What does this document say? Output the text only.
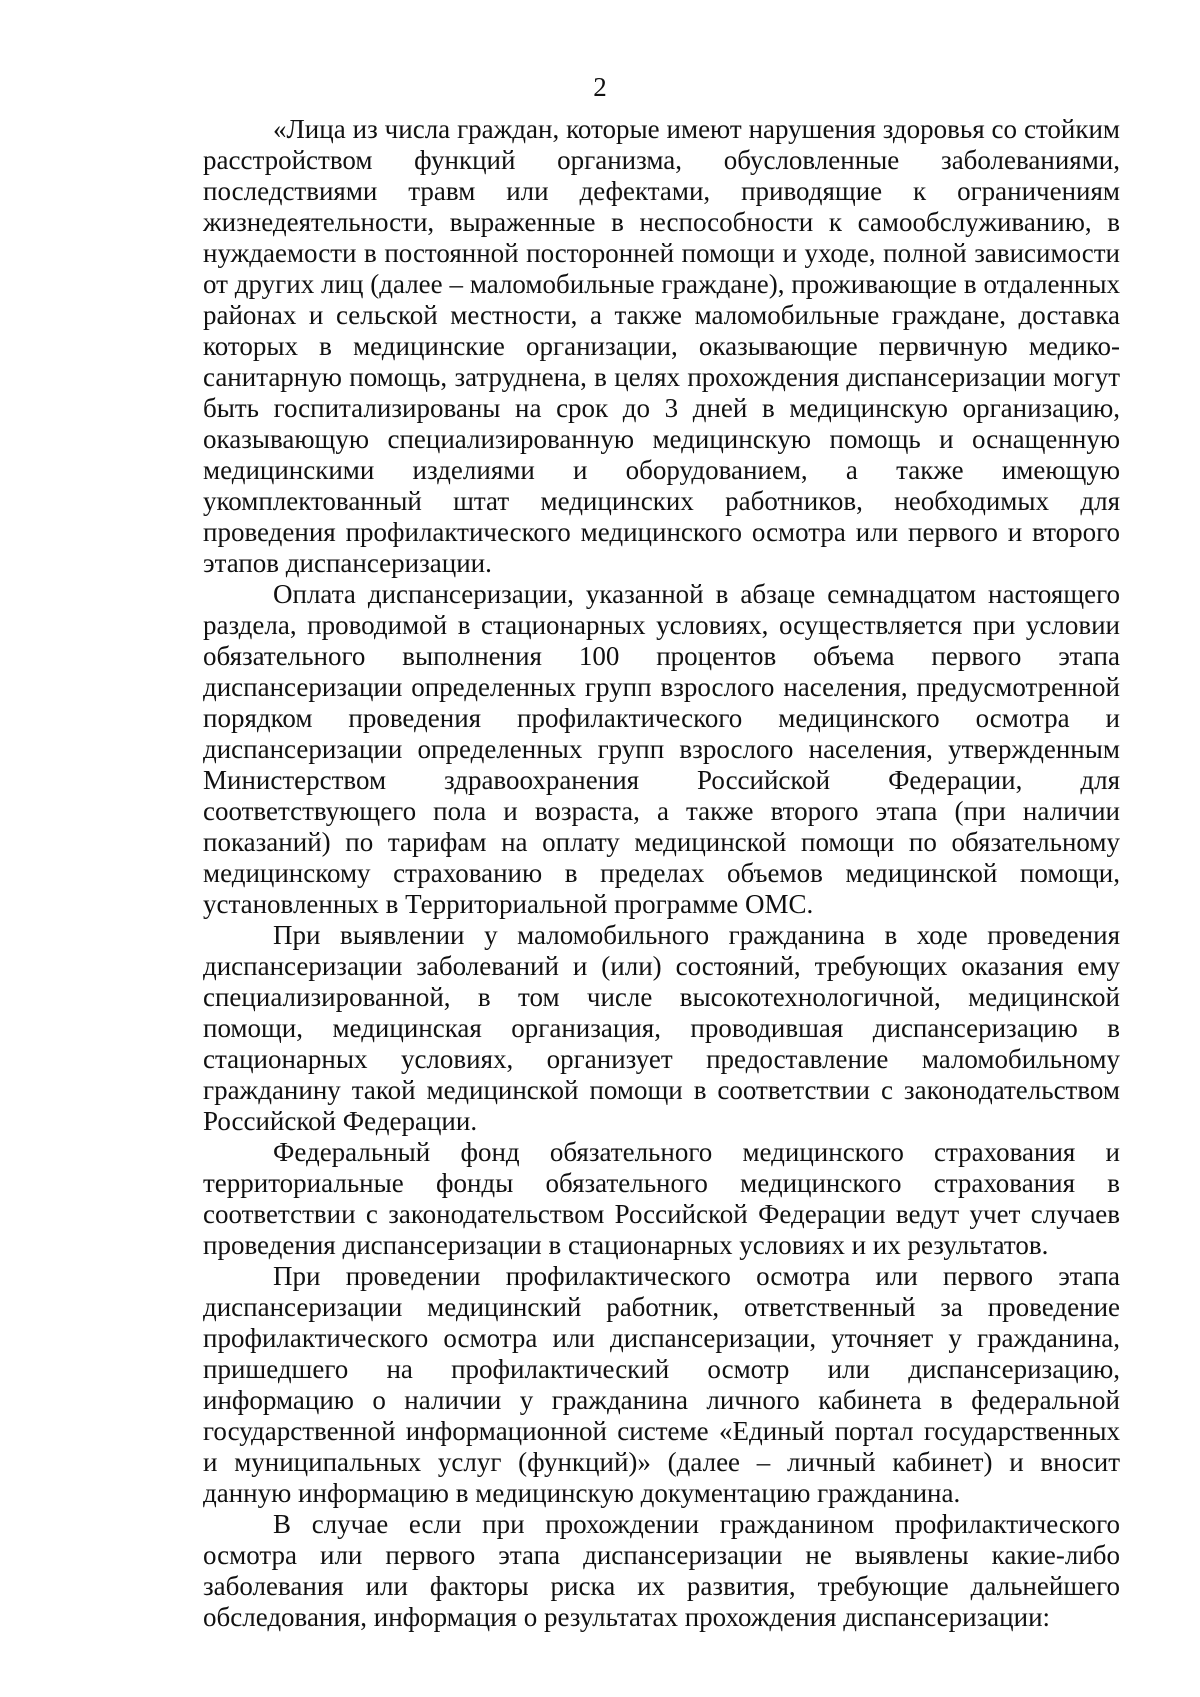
2

«Лица из числа граждан, которые имеют нарушения здоровья со стойким расстройством функций организма, обусловленные заболеваниями, последствиями травм или дефектами, приводящие к ограничениям жизнедеятельности, выраженные в неспособности к самообслуживанию, в нуждаемости в постоянной посторонней помощи и уходе, полной зависимости от других лиц (далее – маломобильные граждане), проживающие в отдаленных районах и сельской местности, а также маломобильные граждане, доставка которых в медицинские организации, оказывающие первичную медико-санитарную помощь, затруднена, в целях прохождения диспансеризации могут быть госпитализированы на срок до 3 дней в медицинскую организацию, оказывающую специализированную медицинскую помощь и оснащенную медицинскими изделиями и оборудованием, а также имеющую укомплектованный штат медицинских работников, необходимых для проведения профилактического медицинского осмотра или первого и второго этапов диспансеризации.

Оплата диспансеризации, указанной в абзаце семнадцатом настоящего раздела, проводимой в стационарных условиях, осуществляется при условии обязательного выполнения 100 процентов объема первого этапа диспансеризации определенных групп взрослого населения, предусмотренной порядком проведения профилактического медицинского осмотра и диспансеризации определенных групп взрослого населения, утвержденным Министерством здравоохранения Российской Федерации, для соответствующего пола и возраста, а также второго этапа (при наличии показаний) по тарифам на оплату медицинской помощи по обязательному медицинскому страхованию в пределах объемов медицинской помощи, установленных в Территориальной программе ОМС.

При выявлении у маломобильного гражданина в ходе проведения диспансеризации заболеваний и (или) состояний, требующих оказания ему специализированной, в том числе высокотехнологичной, медицинской помощи, медицинская организация, проводившая диспансеризацию в стационарных условиях, организует предоставление маломобильному гражданину такой медицинской помощи в соответствии с законодательством Российской Федерации.

Федеральный фонд обязательного медицинского страхования и территориальные фонды обязательного медицинского страхования в соответствии с законодательством Российской Федерации ведут учет случаев проведения диспансеризации в стационарных условиях и их результатов.

При проведении профилактического осмотра или первого этапа диспансеризации медицинский работник, ответственный за проведение профилактического осмотра или диспансеризации, уточняет у гражданина, пришедшего на профилактический осмотр или диспансеризацию, информацию о наличии у гражданина личного кабинета в федеральной государственной информационной системе «Единый портал государственных и муниципальных услуг (функций)» (далее – личный кабинет) и вносит данную информацию в медицинскую документацию гражданина.

В случае если при прохождении гражданином профилактического осмотра или первого этапа диспансеризации не выявлены какие-либо заболевания или факторы риска их развития, требующие дальнейшего обследования, информация о результатах прохождения диспансеризации:
